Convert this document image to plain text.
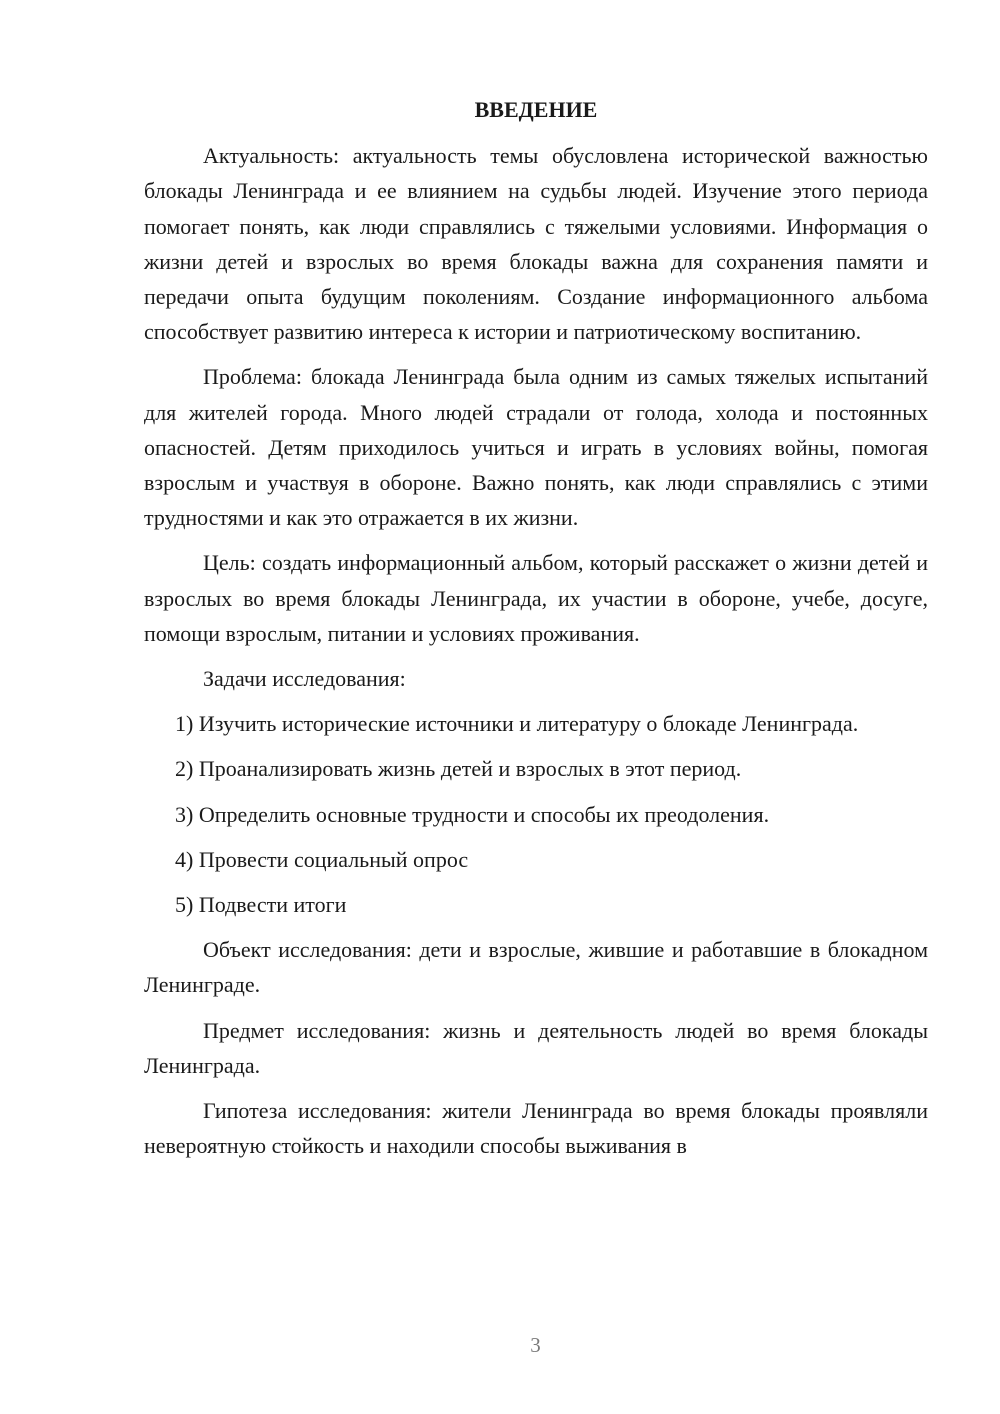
ВВЕДЕНИЕ

Актуальность: актуальность темы обусловлена исторической важностью блокады Ленинграда и ее влиянием на судьбы людей. Изучение этого периода помогает понять, как люди справлялись с тяжелыми условиями. Информация о жизни детей и взрослых во время блокады важна для сохранения памяти и передачи опыта будущим поколениям. Создание информационного альбома способствует развитию интереса к истории и патриотическому воспитанию.

Проблема: блокада Ленинграда была одним из самых тяжелых испытаний для жителей города. Много людей страдали от голода, холода и постоянных опасностей. Детям приходилось учиться и играть в условиях войны, помогая взрослым и участвуя в обороне. Важно понять, как люди справлялись с этими трудностями и как это отражается в их жизни.

Цель: создать информационный альбом, который расскажет о жизни детей и взрослых во время блокады Ленинграда, их участии в обороне, учебе, досуге, помощи взрослым, питании и условиях проживания.

Задачи исследования:

1) Изучить исторические источники и литературу о блокаде Ленинграда.

2) Проанализировать жизнь детей и взрослых в этот период.

3) Определить основные трудности и способы их преодоления.

4) Провести социальный опрос

5) Подвести итоги

Объект исследования: дети и взрослые, жившие и работавшие в блокадном Ленинграде.

Предмет исследования: жизнь и деятельность людей во время блокады Ленинграда.

Гипотеза исследования: жители Ленинграда во время блокады проявляли невероятную стойкость и находили способы выживания в

3
